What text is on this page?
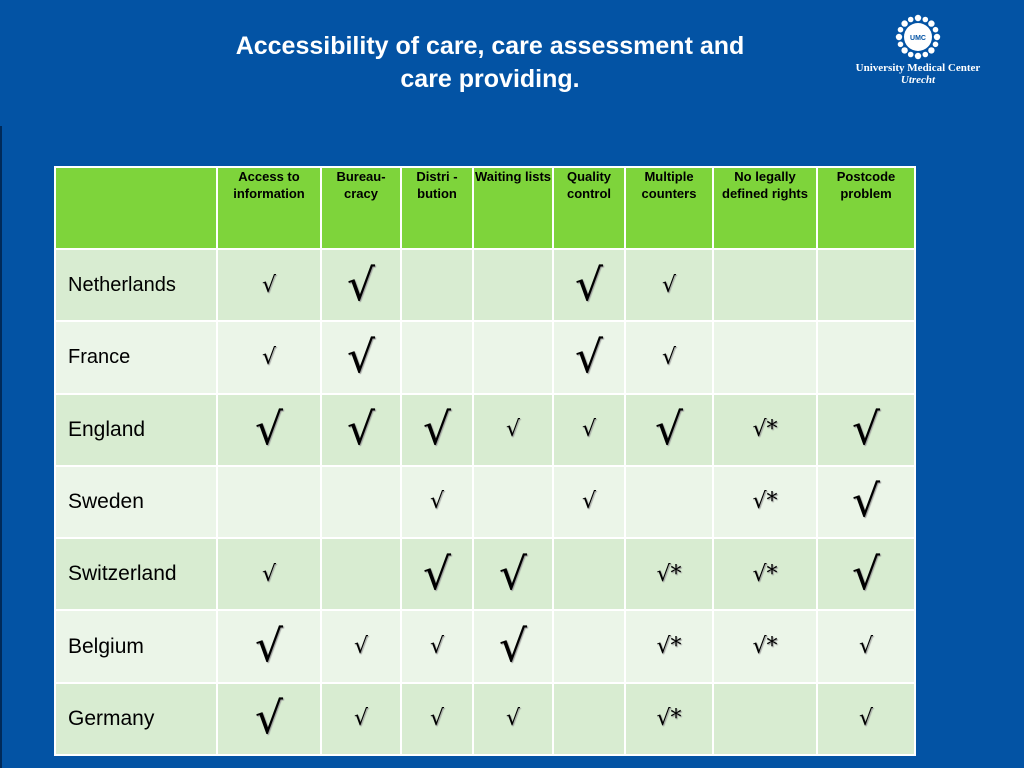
Accessibility of care, care assessment and
care providing.
UMC
University Medical Center
Utrecht
	Access to information	Bureau-cracy	Distri - bution	Waiting lists	Quality control	Multiple counters	No legally defined rights	Postcode problem
Netherlands	√	√			√	√		
France	√	√			√	√		
England	√	√	√	√	√	√	√*	√
Sweden			√		√		√*	√
Switzerland	√		√	√		√*	√*	√
Belgium	√	√	√	√		√*	√*	√
Germany	√	√	√	√		√*		√
